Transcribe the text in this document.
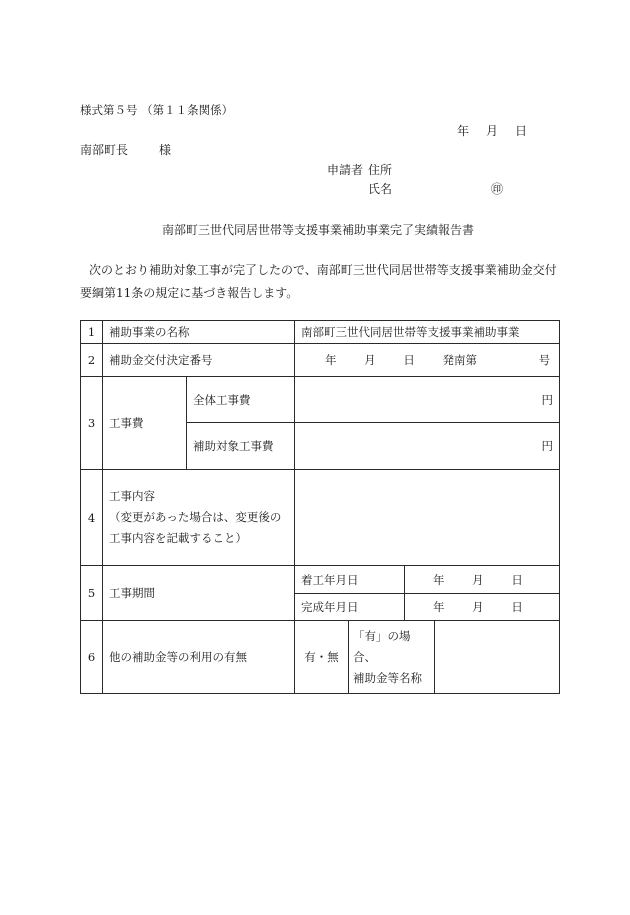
様式第５号 （第１１条関係）
年 月 日
南部町長	様
申請者 住所
氏名	㊞
南部町三世代同居世帯等支援事業補助事業完了実績報告書
次のとおり補助対象工事が完了したので、南部町三世代同居世帯等支援事業補助金交付
要綱第11条の規定に基づき報告します。
1	補助事業の名称		南部町三世代同居世帯等支援事業補助事業			
2	補助金交付決定番号		年 月 日 発南第 号			
3	工事費	全体工事費	円			
		補助対象工事費	円			
4	工事内容
（変更があった場合は、変更後の
工事内容を記載すること）					

5	工事期間		着工年月日		年 月 日	
			完成年月日		年 月 日	
6	他の補助金等の利用の有無		有・無	「有」の場合、
補助金等名称		
